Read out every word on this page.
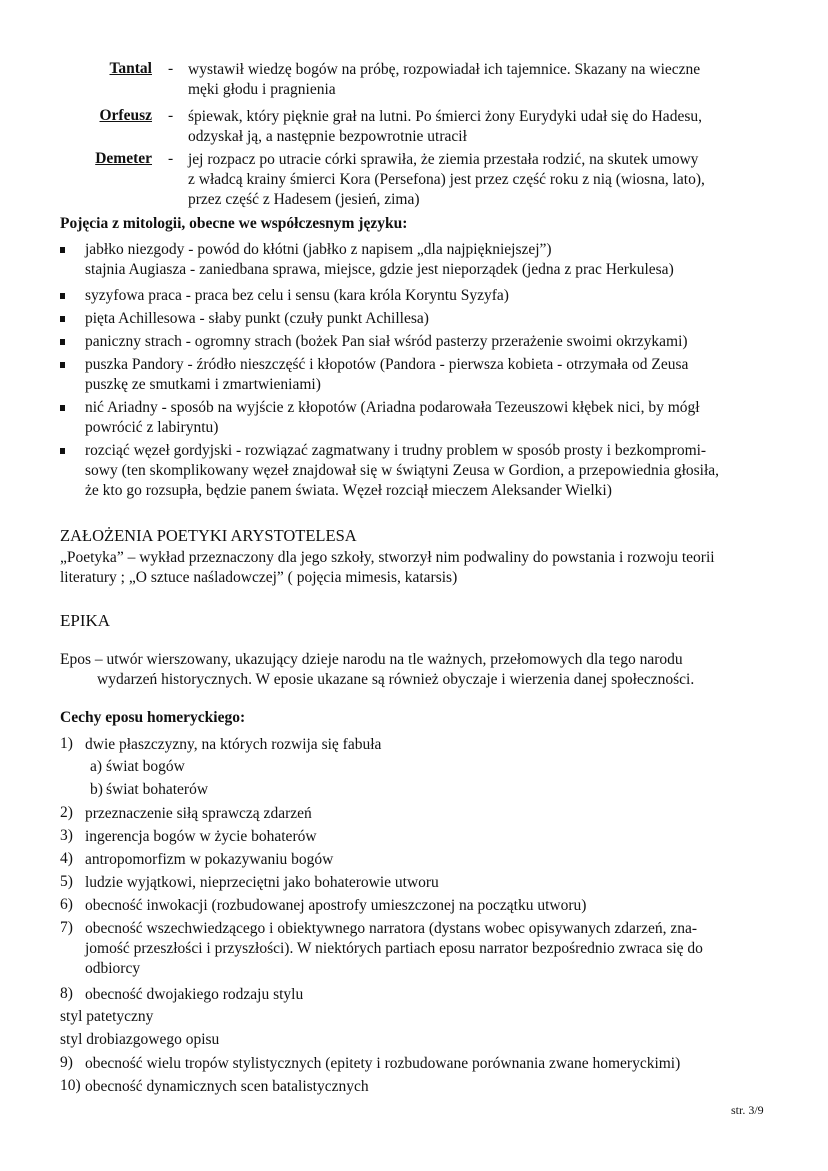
Tantal - wystawił wiedzę bogów na próbę, rozpowiadał ich tajemnice. Skazany na wieczne
męki głodu i pragnienia
Orfeusz - śpiewak, który pięknie grał na lutni. Po śmierci żony Eurydyki udał się do Hadesu,
odzyskał ją, a następnie bezpowrotnie utracił
Demeter - jej rozpacz po utracie córki sprawiła, że ziemia przestała rodzić, na skutek umowy
z władcą krainy śmierci Kora (Persefona) jest przez część roku z nią (wiosna, lato),
przez część z Hadesem (jesień, zima)
Pojęcia z mitologii, obecne we współczesnym języku:
jabłko niezgody - powód do kłótni (jabłko z napisem „dla najpiękniejszej”)
stajnia Augiasza - zaniedbana sprawa, miejsce, gdzie jest nieporządek (jedna z prac Herkulesa)
syzyfowa praca - praca bez celu i sensu (kara króla Koryntu Syzyfa)
pięta Achillesowa - słaby punkt (czuły punkt Achillesa)
paniczny strach - ogromny strach (bożek Pan siał wśród pasterzy przerażenie swoimi okrzykami)
puszka Pandory - źródło nieszczęść i kłopotów (Pandora - pierwsza kobieta - otrzymała od Zeusa
puszkę ze smutkami i zmartwieniami)
nić Ariadny - sposób na wyjście z kłopotów (Ariadna podarowała Tezeuszowi kłębek nici, by mógł
powrócić z labiryntu)
rozciąć węzeł gordyjski - rozwiązać zagmatwany i trudny problem w sposób prosty i bezkompromi-
sowy (ten skomplikowany węzeł znajdował się w świątyni Zeusa w Gordion, a przepowiednia głosiła,
że kto go rozsupła, będzie panem świata. Węzeł rozciął mieczem Aleksander Wielki)
ZAŁOŻENIA POETYKI ARYSTOTELESA
„Poetyka” – wykład przeznaczony dla jego szkoły, stworzył nim podwaliny do powstania i rozwoju teorii
literatury ; „O sztuce naśladowczej” ( pojęcia mimesis, katarsis)
EPIKA
Epos – utwór wierszowany, ukazujący dzieje narodu na tle ważnych, przełomowych dla tego narodu
wydarzeń historycznych. W eposie ukazane są również obyczaje i wierzenia danej społeczności.
Cechy eposu homeryckiego:
1) dwie płaszczyzny, na których rozwija się fabuła
a) świat bogów
b) świat bohaterów
2) przeznaczenie siłą sprawczą zdarzeń
3) ingerencja bogów w życie bohaterów
4) antropomorfizm w pokazywaniu bogów
5) ludzie wyjątkowi, nieprzeciętni jako bohaterowie utworu
6) obecność inwokacji (rozbudowanej apostrofy umieszczonej na początku utworu)
7) obecność wszechwiedzącego i obiektywnego narratora (dystans wobec opisywanych zdarzeń, zna-
jomość przeszłości i przyszłości). W niektórych partiach eposu narrator bezpośrednio zwraca się do
odbiorcy
8) obecność dwojakiego rodzaju stylu
styl patetyczny
styl drobiazgowego opisu
9) obecność wielu tropów stylistycznych (epitety i rozbudowane porównania zwane homeryckimi)
10) obecność dynamicznych scen batalistycznych
str. 3/9
